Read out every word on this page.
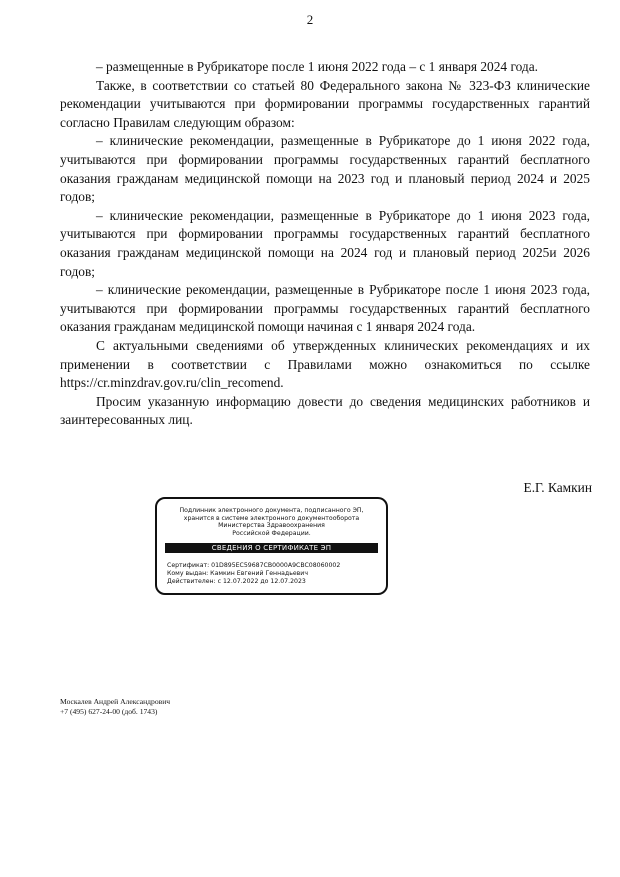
2

– размещенные в Рубрикаторе после 1 июня 2022 года – с 1 января 2024 года.

Также, в соответствии со статьей 80 Федерального закона № 323-ФЗ клинические рекомендации учитываются при формировании программы государственных гарантий согласно Правилам следующим образом:

– клинические рекомендации, размещенные в Рубрикаторе до 1 июня 2022 года, учитываются при формировании программы государственных гарантий бесплатного оказания гражданам медицинской помощи на 2023 год и плановый период 2024 и 2025 годов;

– клинические рекомендации, размещенные в Рубрикаторе до 1 июня 2023 года, учитываются при формировании программы государственных гарантий бесплатного оказания гражданам медицинской помощи на 2024 год и плановый период 2025и 2026 годов;

– клинические рекомендации, размещенные в Рубрикаторе после 1 июня 2023 года, учитываются при формировании программы государственных гарантий бесплатного оказания гражданам медицинской помощи начиная с 1 января 2024 года.

С актуальными сведениями об утвержденных клинических рекомендациях и их применении в соответствии с Правилами можно ознакомиться по ссылке https://cr.minzdrav.gov.ru/clin_recomend.

Просим указанную информацию довести до сведения медицинских работников и заинтересованных лиц.

Е.Г. Камкин
Подлинник электронного документа, подписанного ЭП,
хранится в системе электронного документооборота
Министерства Здравоохранения
Российской Федерации.
СВЕДЕНИЯ О СЕРТИФИКАТЕ ЭП
Сертификат: 01D895EC59687CB0000A9CBC08060002
Кому выдан: Камкин Евгений Геннадьевич
Действителен: с 12.07.2022 до 12.07.2023
Москалев Андрей Александрович
+7 (495) 627-24-00 (доб. 1743)
